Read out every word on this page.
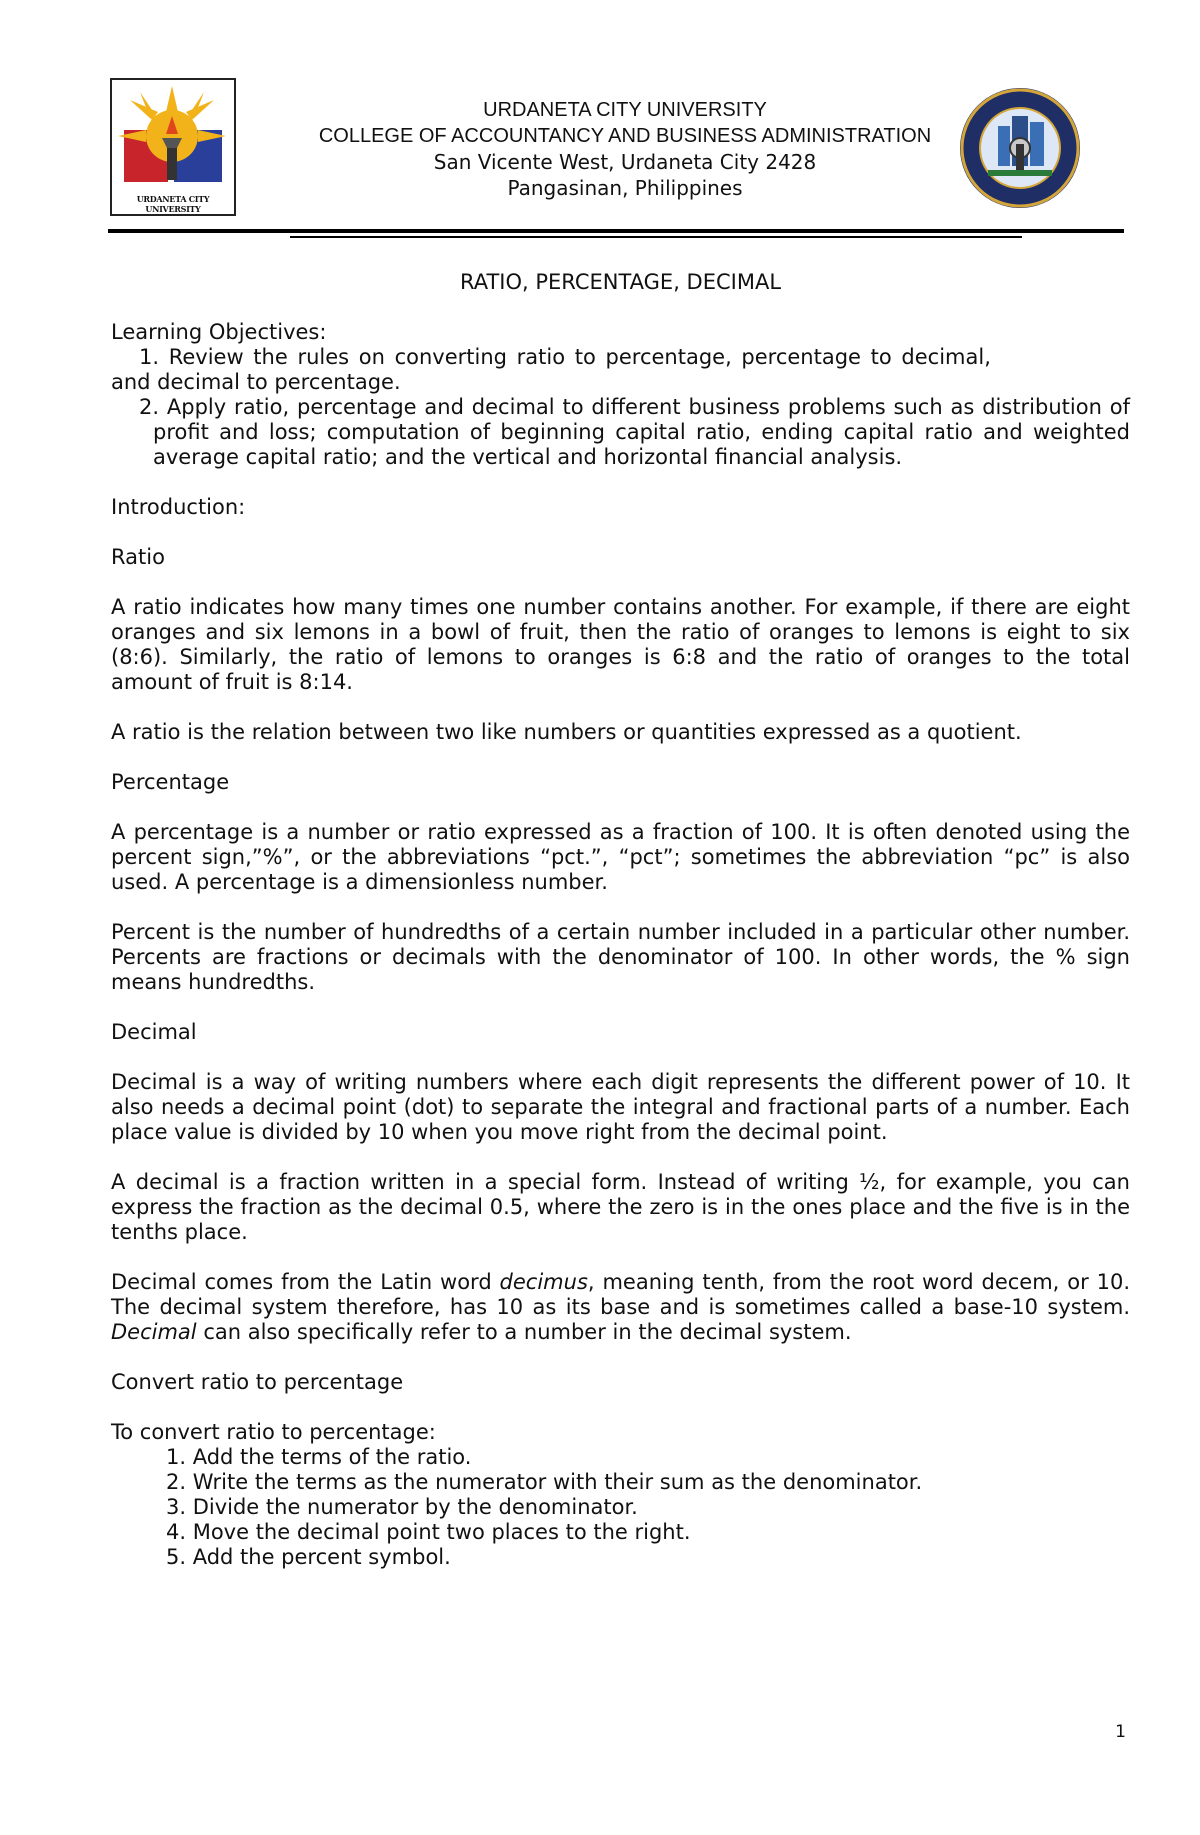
URDANETA CITY UNIVERSITY
URDANETA CITY UNIVERSITY
COLLEGE OF ACCOUNTANCY AND BUSINESS ADMINISTRATION
San Vicente West, Urdaneta City 2428
Pangasinan, Philippines

RATIO, PERCENTAGE, DECIMAL

Learning Objectives:

1. Review the rules on converting ratio to percentage, percentage to decimal,

and decimal to percentage.

2. Apply ratio, percentage and decimal to different business problems such as distribution of profit and loss; computation of beginning capital ratio, ending capital ratio and weighted average capital ratio; and the vertical and horizontal financial analysis.

Introduction:

Ratio

A ratio indicates how many times one number contains another. For example, if there are eight oranges and six lemons in a bowl of fruit, then the ratio of oranges to lemons is eight to six (8:6). Similarly, the ratio of lemons to oranges is 6:8 and the ratio of oranges to the total amount of fruit is 8:14.

A ratio is the relation between two like numbers or quantities expressed as a quotient.

Percentage

A percentage is a number or ratio expressed as a fraction of 100. It is often denoted using the percent sign,”%”, or the abbreviations “pct.”, “pct”; sometimes the abbreviation “pc” is also used. A percentage is a dimensionless number.

Percent is the number of hundredths of a certain number included in a particular other number. Percents are fractions or decimals with the denominator of 100. In other words, the % sign means hundredths.

Decimal

Decimal is a way of writing numbers where each digit represents the different power of 10. It also needs a decimal point (dot) to separate the integral and fractional parts of a number. Each place value is divided by 10 when you move right from the decimal point.

A decimal is a fraction written in a special form. Instead of writing ½, for example, you can express the fraction as the decimal 0.5, where the zero is in the ones place and the five is in the tenths place.

Decimal comes from the Latin word decimus, meaning tenth, from the root word decem, or 10. The decimal system therefore, has 10 as its base and is sometimes called a base-10 system. Decimal can also specifically refer to a number in the decimal system.

Convert ratio to percentage

To convert ratio to percentage:

1. Add the terms of the ratio.
2. Write the terms as the numerator with their sum as the denominator.
3. Divide the numerator by the denominator.
4. Move the decimal point two places to the right.
5. Add the percent symbol.
1
